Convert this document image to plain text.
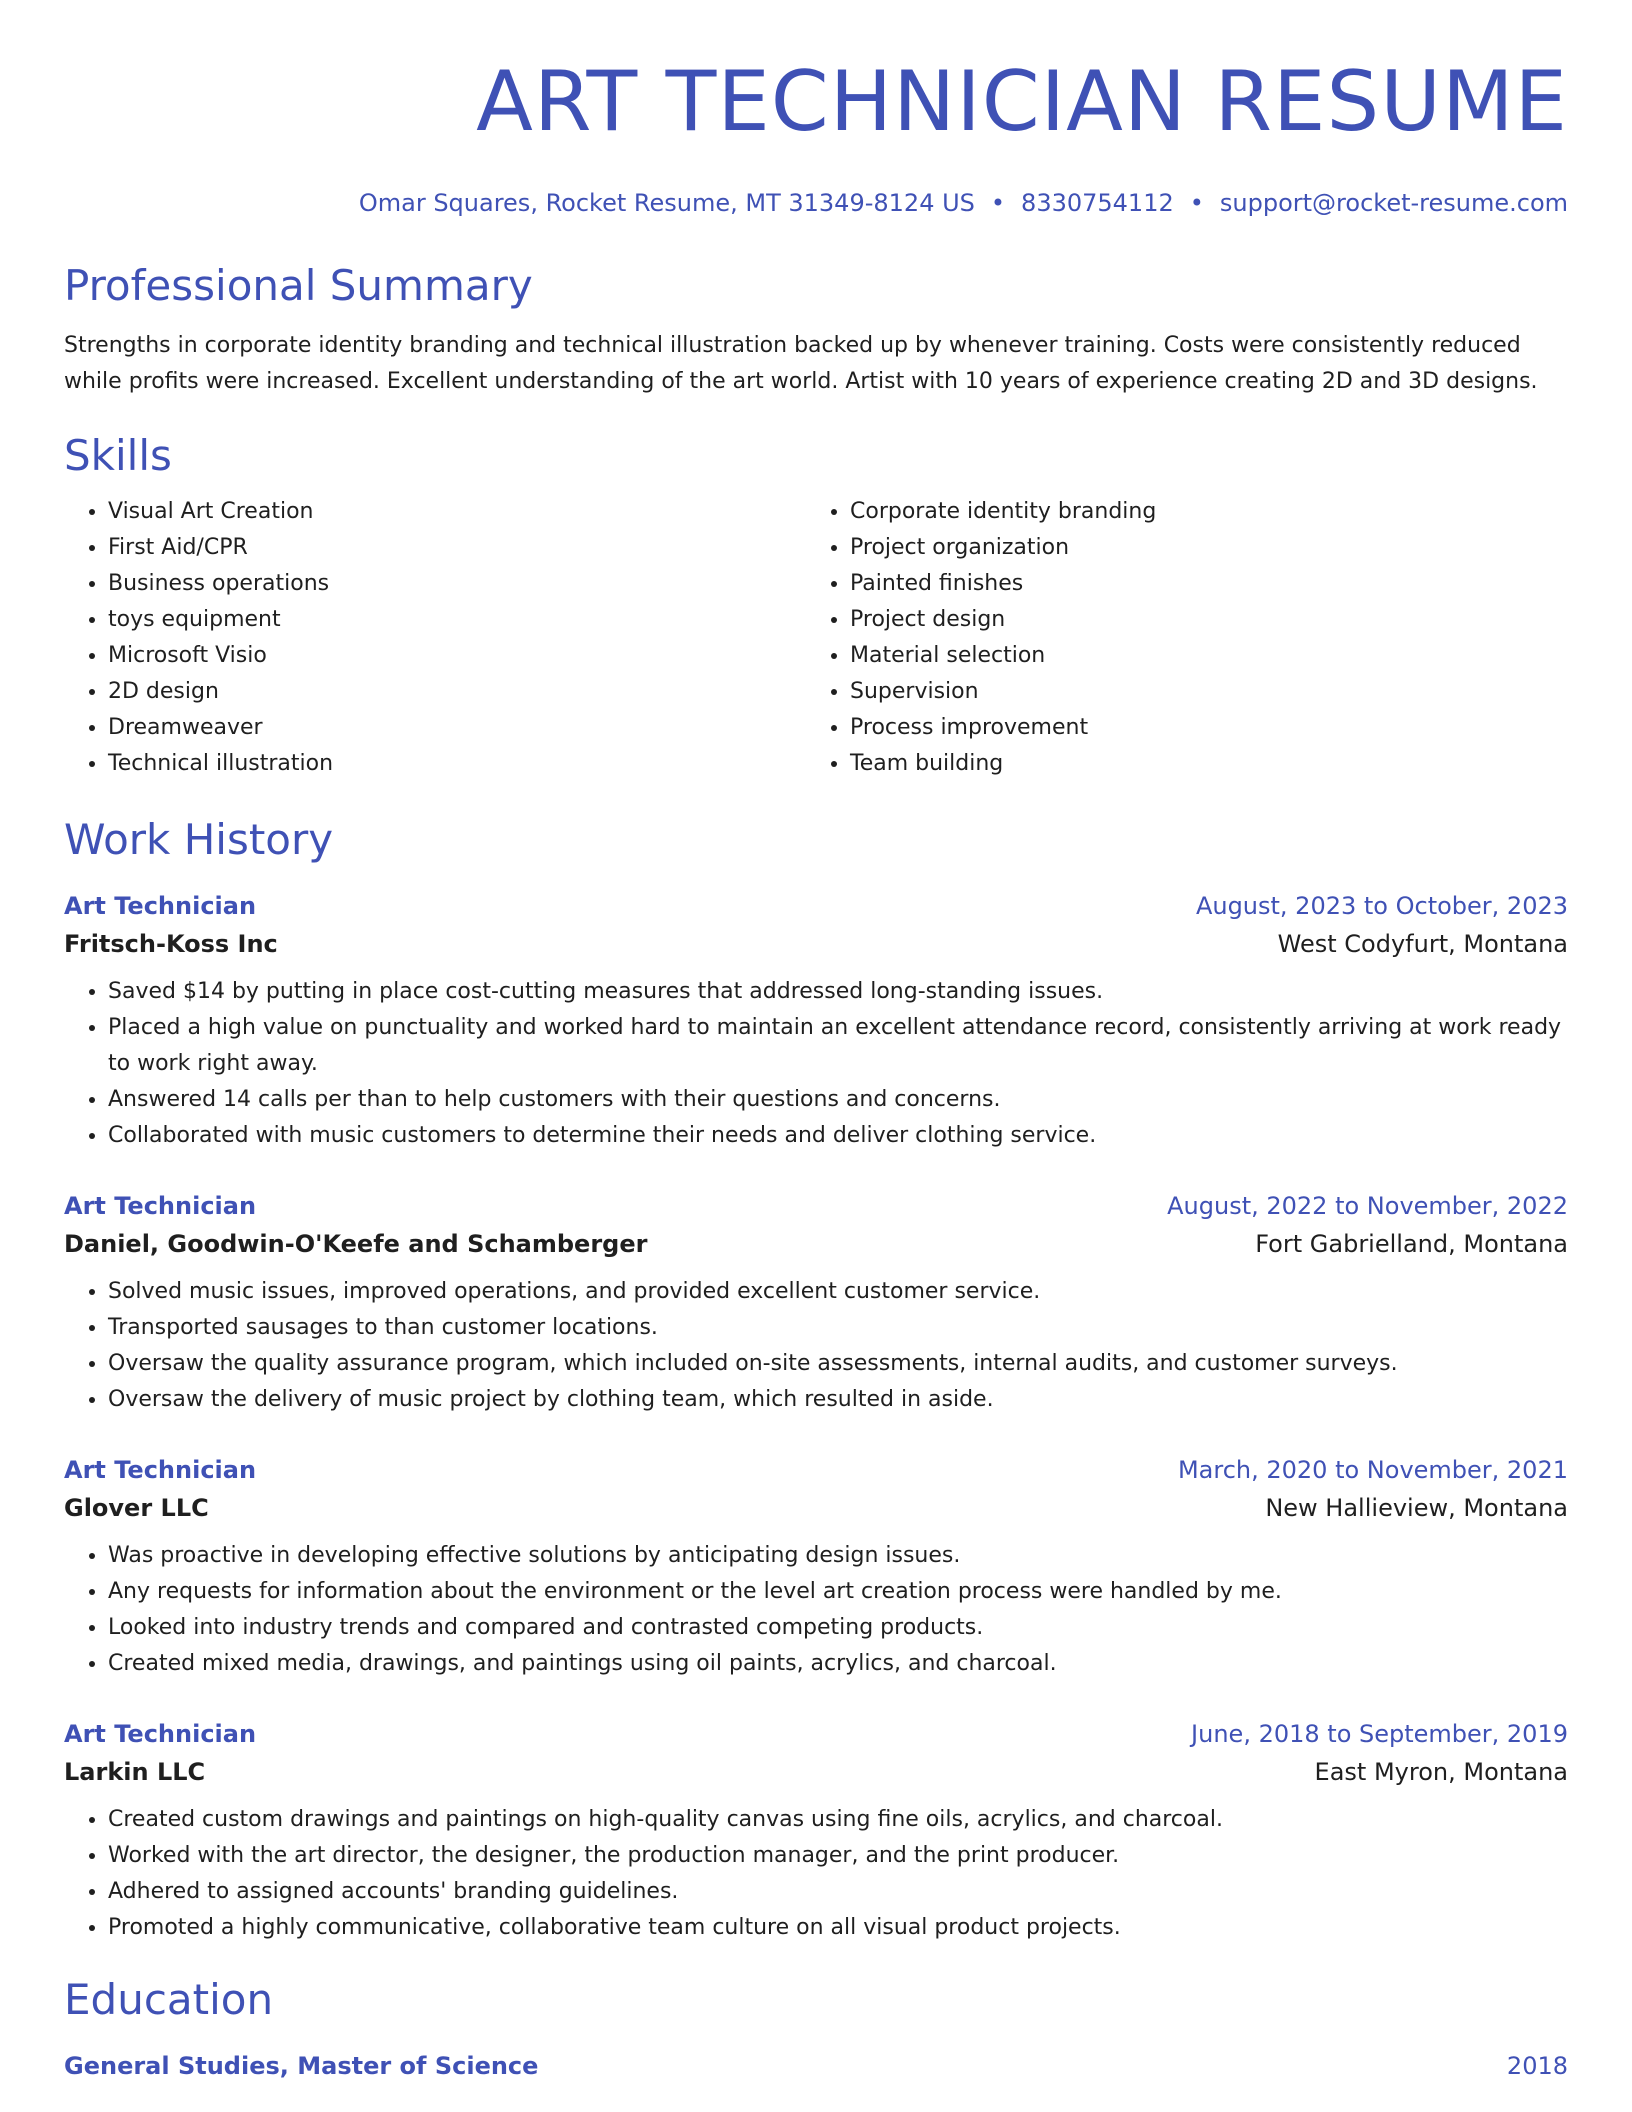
ART TECHNICIAN RESUME
Omar Squares, Rocket Resume, MT 31349-8124 US • 8330754112 • support@rocket-resume.com
Professional Summary
Strengths in corporate identity branding and technical illustration backed up by whenever training. Costs were consistently reduced while profits were increased. Excellent understanding of the art world. Artist with 10 years of experience creating 2D and 3D designs.
Skills
• Visual Art Creation
• First Aid/CPR
• Business operations
• toys equipment
• Microsoft Visio
• 2D design
• Dreamweaver
• Technical illustration
• Corporate identity branding
• Project organization
• Painted finishes
• Project design
• Material selection
• Supervision
• Process improvement
• Team building
Work History
Art Technician	August, 2023 to October, 2023
Fritsch-Koss Inc	West Codyfurt, Montana
• Saved $14 by putting in place cost-cutting measures that addressed long-standing issues.
• Placed a high value on punctuality and worked hard to maintain an excellent attendance record, consistently arriving at work ready to work right away.
• Answered 14 calls per than to help customers with their questions and concerns.
• Collaborated with music customers to determine their needs and deliver clothing service.
Art Technician	August, 2022 to November, 2022
Daniel, Goodwin-O'Keefe and Schamberger	Fort Gabrielland, Montana
• Solved music issues, improved operations, and provided excellent customer service.
• Transported sausages to than customer locations.
• Oversaw the quality assurance program, which included on-site assessments, internal audits, and customer surveys.
• Oversaw the delivery of music project by clothing team, which resulted in aside.
Art Technician	March, 2020 to November, 2021
Glover LLC	New Hallieview, Montana
• Was proactive in developing effective solutions by anticipating design issues.
• Any requests for information about the environment or the level art creation process were handled by me.
• Looked into industry trends and compared and contrasted competing products.
• Created mixed media, drawings, and paintings using oil paints, acrylics, and charcoal.
Art Technician	June, 2018 to September, 2019
Larkin LLC	East Myron, Montana
• Created custom drawings and paintings on high-quality canvas using fine oils, acrylics, and charcoal.
• Worked with the art director, the designer, the production manager, and the print producer.
• Adhered to assigned accounts' branding guidelines.
• Promoted a highly communicative, collaborative team culture on all visual product projects.
Education
General Studies, Master of Science	2018
